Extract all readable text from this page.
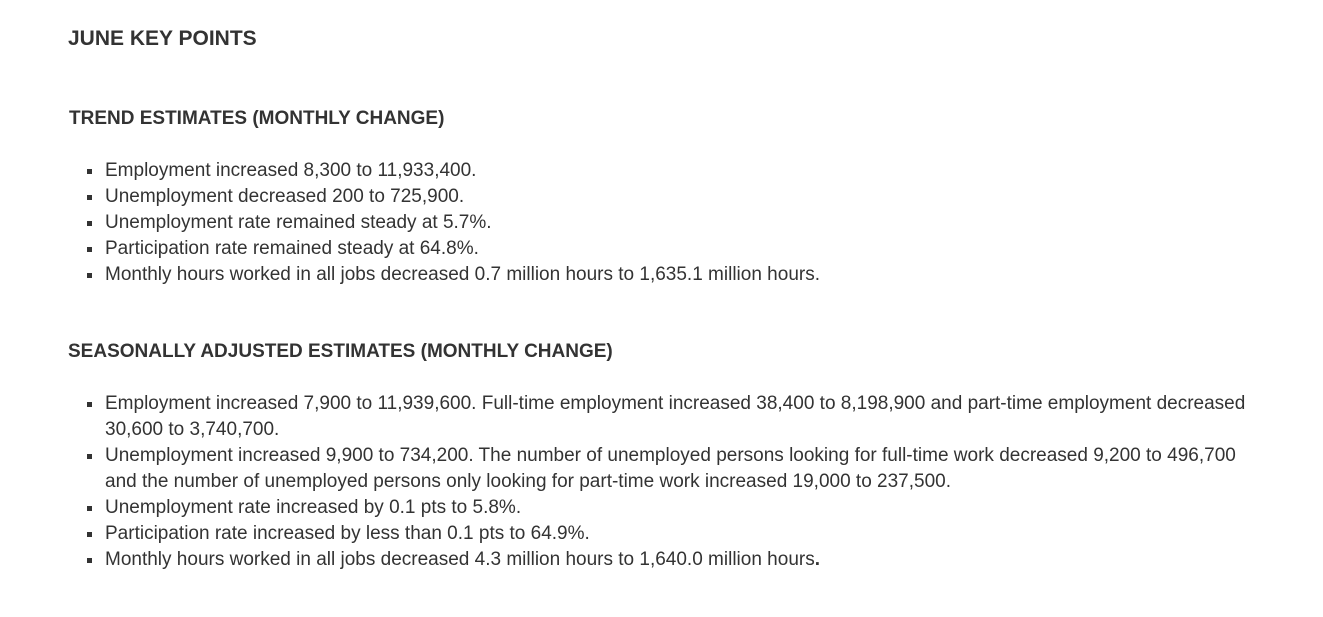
JUNE KEY POINTS
TREND ESTIMATES (MONTHLY CHANGE)
Employment increased 8,300 to 11,933,400.
Unemployment decreased 200 to 725,900.
Unemployment rate remained steady at 5.7%.
Participation rate remained steady at 64.8%.
Monthly hours worked in all jobs decreased 0.7 million hours to 1,635.1 million hours.
SEASONALLY ADJUSTED ESTIMATES (MONTHLY CHANGE)
Employment increased 7,900 to 11,939,600. Full-time employment increased 38,400 to 8,198,900 and part-time employment decreased 30,600 to 3,740,700.
Unemployment increased 9,900 to 734,200. The number of unemployed persons looking for full-time work decreased 9,200 to 496,700 and the number of unemployed persons only looking for part-time work increased 19,000 to 237,500.
Unemployment rate increased by 0.1 pts to 5.8%.
Participation rate increased by less than 0.1 pts to 64.9%.
Monthly hours worked in all jobs decreased 4.3 million hours to 1,640.0 million hours.
